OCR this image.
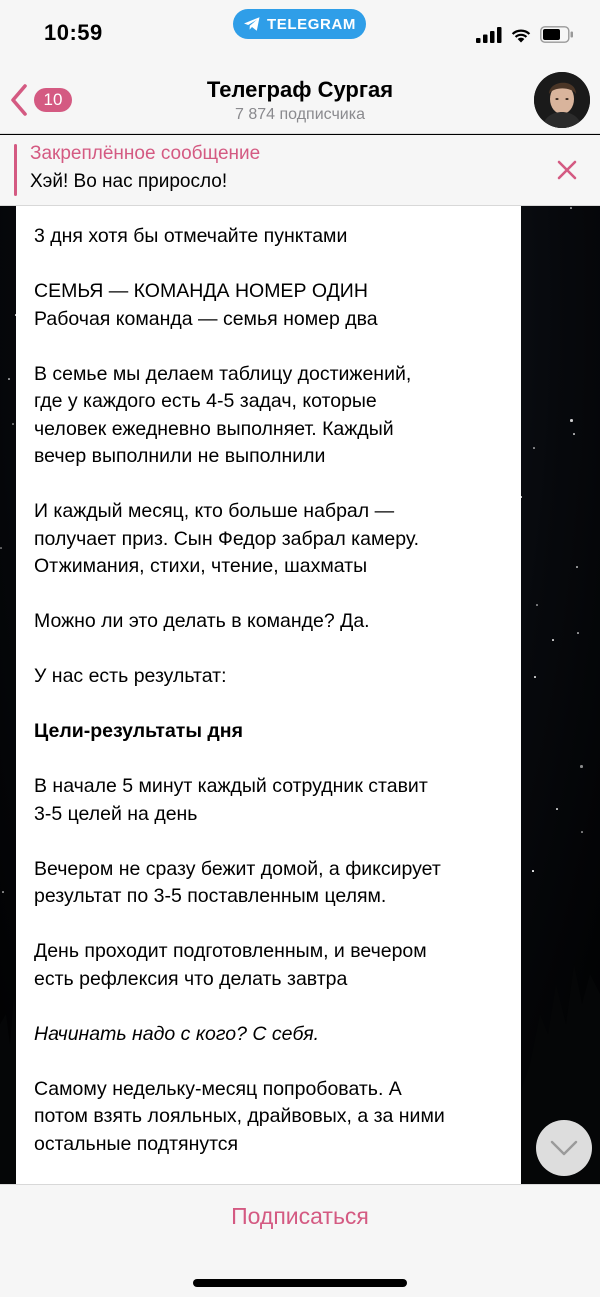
10:59	TELEGRAM
10	Телеграф Сургая
7 874 подписчика
Закреплённое сообщение
Хэй! Во нас приросло!
3 дня хотя бы отмечайте пунктами
СЕМЬЯ — КОМАНДА НОМЕР ОДИН
Рабочая команда — семья номер два
В семье мы делаем таблицу достижений,
где у каждого есть 4-5 задач, которые
человек ежедневно выполняет. Каждый
вечер выполнили не выполнили
И каждый месяц, кто больше набрал —
получает приз. Сын Федор забрал камеру.
Отжимания, стихи, чтение, шахматы
Можно ли это делать в команде? Да.
У нас есть результат:
Цели-результаты дня
В начале 5 минут каждый сотрудник ставит
3-5 целей на день
Вечером не сразу бежит домой, а фиксирует
результат по 3-5 поставленным целям.
День проходит подготовленным, и вечером
есть рефлексия что делать завтра
Начинать надо с кого? С себя.
Самому недельку-месяц попробовать. А
потом взять лояльных, драйвовых, а за ними
остальные подтянутся
Подписаться
